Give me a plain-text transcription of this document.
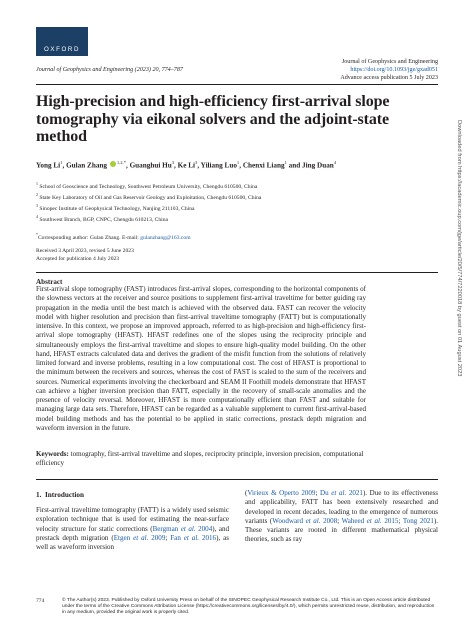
OXFORD
Journal of Geophysics and Engineering
https://doi.org/10.1093/jge/gxad051
Advance access publication 5 July 2023
Journal of Geophysics and Engineering (2023) 20, 774–787
High-precision and high-efficiency first-arrival slope tomography via eikonal solvers and the adjoint-state method
Yong Li$^1$, Gulan Zhang $^{1,2,*}$, Guanghui Hu$^3$, Ke Li$^3$, Yiliang Luo$^1$, Chenxi Liang$^1$ and Jing Duan$^4$
$^1$ School of Geoscience and Technology, Southwest Petroleum University, Chengdu 610500, China
$^2$ State Key Laboratory of Oil and Gas Reservoir Geology and Exploitation, Chengdu 610500, China
$^3$ Sinopec Institute of Geophysical Technology, Nanjing 211103, China
$^4$ Southwest Branch, BGP, CNPC, Chengdu 610213, China
*Corresponding author: Gulan Zhang. E-mail: gulanzhang@163.com
Received 3 April 2023, revised 5 June 2023
Accepted for publication 4 July 2023
Abstract
First-arrival slope tomography (FAST) introduces first-arrival slopes, corresponding to the horizontal components of the slowness vectors at the receiver and source positions to supplement first-arrival traveltime for better guiding ray propagation in the media until the best match is achieved with the observed data. FAST can recover the velocity model with higher resolution and precision than first-arrival traveltime tomography (FATT) but is computationally intensive. In this context, we propose an improved approach, referred to as high-precision and high-efficiency first-arrival slope tomography (HFAST). HFAST redefines one of the slopes using the reciprocity principle and simultaneously employs the first-arrival traveltime and slopes to ensure high-quality model building. On the other hand, HFAST extracts calculated data and derives the gradient of the misfit function from the solutions of relatively limited forward and inverse problems, resulting in a low computational cost. The cost of HFAST is proportional to the minimum between the receivers and sources, whereas the cost of FAST is scaled to the sum of the receivers and sources. Numerical experiments involving the checkerboard and SEAM II Foothill models demonstrate that HFAST can achieve a higher inversion precision than FATT, especially in the recovery of small-scale anomalies and the presence of velocity reversal. Moreover, HFAST is more computationally efficient than FAST and suitable for managing large data sets. Therefore, HFAST can be regarded as a valuable supplement to current first-arrival-based model building methods and has the potential to be applied in static corrections, prestack depth migration and waveform inversion in the future.
Keywords: tomography, first-arrival traveltime and slopes, reciprocity principle, inversion precision, computational efficiency
1.  Introduction
First-arrival traveltime tomography (FATT) is a widely used seismic exploration technique that is used for estimating the near-surface velocity structure for static corrections (Bergman et al. 2004), and prestack depth migration (Etgen et al. 2009; Fan et al. 2016), as well as waveform inversion
(Virieux & Operto 2009; Du et al. 2021). Due to its effectiveness and applicability, FATT has been extensively researched and developed in recent decades, leading to the emergence of numerous variants (Woodward et al. 2008; Waheed et al. 2015; Tong 2021). These variants are rooted in different mathematical physical theories, such as ray
774	© The Author(s) 2023. Published by Oxford University Press on behalf of the SINOPEC Geophysical Research Institute Co., Ltd. This is an Open Access article distributed under the terms of the Creative Commons Attribution License (https://creativecommons.org/licenses/by/4.0/), which permits unrestricted reuse, distribution, and reproduction in any medium, provided the original work is properly cited.
Downloaded from https://academic.oup.com/jge/article/20/5/774/7220018 by guest on 01 August 2023
